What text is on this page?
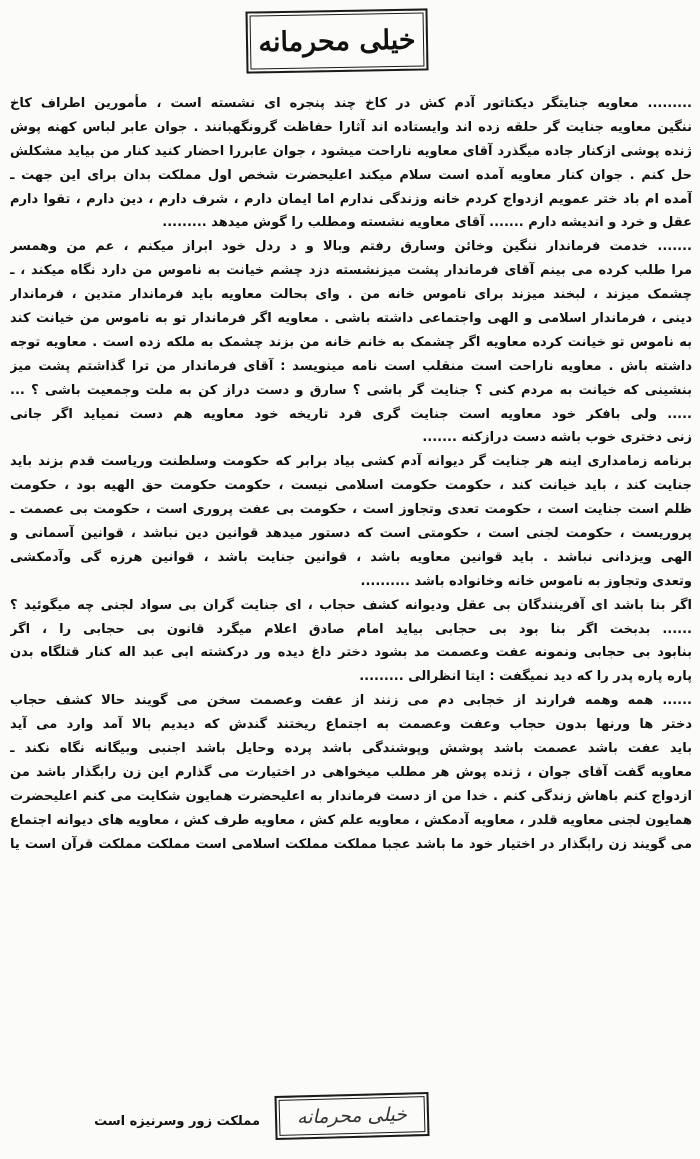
خیلی محرمانه
......... معاویه جنایتگر دیکتاتور آدم کش در کاخ چند پنجره ای نشسته است ، مأمورین اطراف کاخ
ننگین معاویه جنایت گر حلقه زده اند وایستاده اند آثارا حفاظت گرونگهبانند . جوان عابر لباس کهنه پوش
ژنده پوشی ازکنار جاده میگذرد آقای معاویه ناراحت میشود ، جوان عابررا احضار کنید کنار من بیاید مشکلش
حل کنم . جوان کنار معاویه آمده است سلام میکند اعلیحضرت شخص اول مملکت بدان برای این جهت ـ
آمده ام باد ختر عمویم ازدواج کردم خانه وزندگی ندارم اما ایمان دارم ، شرف دارم ، دین دارم ، تقوا دارم
عقل و خرد و اندیشه دارم ....... آقای معاویه نشسته ومطلب را گوش میدهد .........
....... خدمت فرماندار ننگین وخائن وسارق رفتم وبالا و د ردل خود ابراز میکنم ، عم من وهمسر
مرا طلب کرده می بینم آقای فرماندار پشت میزنشسته دزد چشم خیانت به ناموس من دارد نگاه میکند ، ـ
چشمک میزند ، لبخند میزند برای ناموس خانه من . وای بحالت معاویه باید فرماندار متدین ، فرماندار
دینی ، فرماندار اسلامی و الهی واجتماعی داشته باشی . معاویه اگر فرماندار تو به ناموس من خیانت کند
به ناموس تو خیانت کرده معاویه اگر چشمک به خانم خانه من بزند چشمک به ملکه زده است . معاویه توجه
داشته باش . معاویه ناراحت است منقلب است نامه مینویسد : آقای فرماندار من ترا گذاشتم پشت میز
بنشینی که خیانت به مردم کنی ؟ جنایت گر باشی ؟ سارق و دست دراز کن به ملت وجمعیت باشی ؟ ...
..... ولی بافکر خود معاویه است جنایت گری فرد تاریخه خود معاویه هم دست نمیاید اگر جانی
زنی دختری خوب باشه دست درازکنه .......
برنامه زمامداری اینه هر جنایت گر دیوانه آدم کشی بیاد برابر که حکومت وسلطنت وریاست قدم بزند باید
جنایت کند ، باید خیانت کند ، حکومت حکومت اسلامی نیست ، حکومت حکومت حق الهیه بود ، حکومت
ظلم است جنایت است ، حکومت تعدی وتجاوز است ، حکومت بی عفت پروری است ، حکومت بی عصمت ـ
پروریست ، حکومت لجنی است ، حکومتی است که دستور میدهد قوانین دین نباشد ، قوانین آسمانی و
الهی ویزدانی نباشد . باید قوانین معاویه باشد ، قوانین جنایت باشد ، قوانین هرزه گی وآدمکشی
وتعدی وتجاوز به ناموس خانه وخانواده باشد ..........
اگر بنا باشد ای آفرینندگان بی عقل ودیوانه کشف حجاب ، ای جنایت گران بی سواد لجنی چه میگوئید ؟
...... بدبخت اگر بنا بود بی حجابی بیاید امام صادق اعلام میگرد قانون بی حجابی را ، اگر
بنابود بی حجابی ونمونه عفت وعصمت مد بشود دختر داغ دیده ور درکشته ابی عبد اله کنار قتلگاه بدن
پاره پاره پدر را که دید نمیگفت : ایتا انظرالی .........
...... همه وهمه فرارند از خجابی دم می زنند از عفت وعصمت سخن می گویند حالا کشف حجاب
دختر ها ورنها بدون حجاب وعفت وعصمت به اجتماع ریختند گندش که دیدیم بالا آمد وارد می آید
باید عفت باشد عصمت باشد پوشش وپوشندگی باشد پرده وحایل باشد اجنبی وبیگانه نگاه نکند ـ
معاویه گفت آقای جوان ، ژنده پوش هر مطلب میخواهی در اختیارت می گذارم این زن رابگذار باشد من
ازدواج کنم باهاش زندگی کنم . خدا من از دست فرماندار به اعلیحضرت همایون شکایت می کنم اعلیحضرت
همایون لجنی معاویه قلدر ، معاویه آدمکش ، معاویه علم کش ، معاویه طرف کش ، معاویه های دیوانه اجتماع
می گویند زن رابگذار در اختیار خود ما باشد عجبا مملکت مملکت اسلامی است مملکت مملکت قرآن است یا
خیلی محرمانه
مملکت زور وسرنیزه است
